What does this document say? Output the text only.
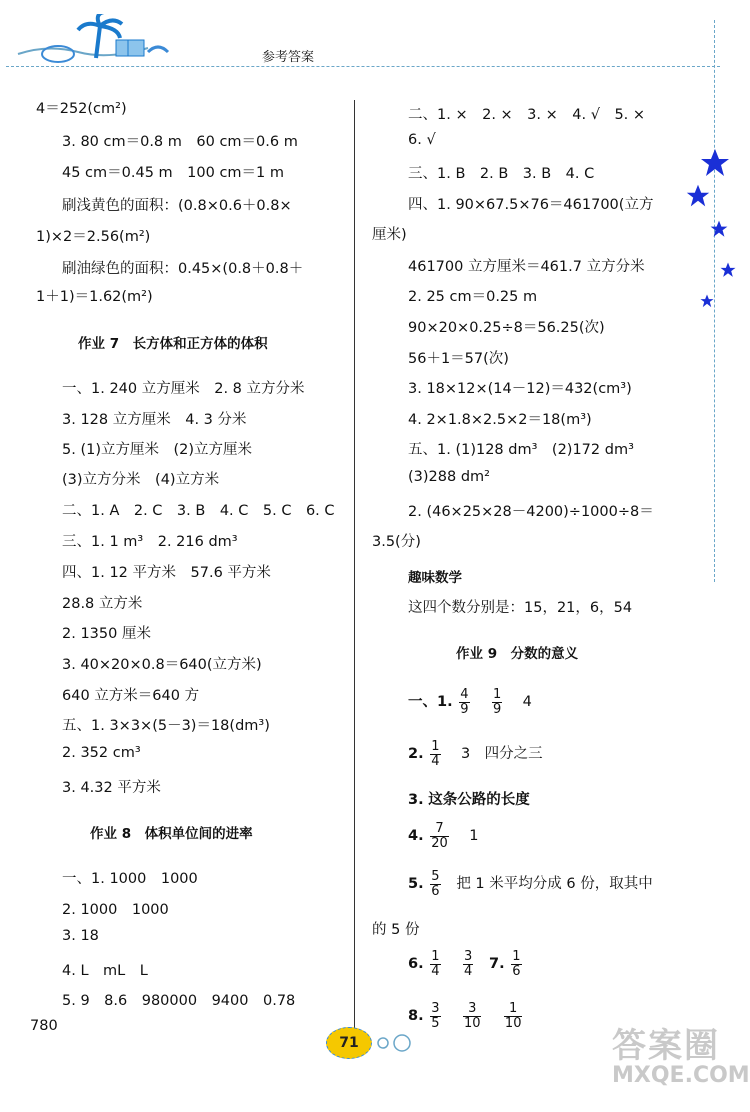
参考答案
4＝252(cm²)
3. 80 cm＝0.8 m　60 cm＝0.6 m
45 cm＝0.45 m　100 cm＝1 m
刷浅黄色的面积：(0.8×0.6＋0.8×
1)×2＝2.56(m²)
刷油绿色的面积：0.45×(0.8＋0.8＋
1＋1)＝1.62(m²)
作业 7　长方体和正方体的体积
一、1. 240 立方厘米　2. 8 立方分米
3. 128 立方厘米　4. 3 分米
5. (1)立方厘米　(2)立方厘米
(3)立方分米　(4)立方米
二、1. A　2. C　3. B　4. C　5. C　6. C
三、1. 1 m³　2. 216 dm³
四、1. 12 平方米　57.6 平方米
28.8 立方米
2. 1350 厘米
3. 40×20×0.8＝640(立方米)
640 立方米＝640 方
五、1. 3×3×(5－3)＝18(dm³)
2. 352 cm³
3. 4.32 平方米
作业 8　体积单位间的进率
一、1. 1000　1000
2. 1000　1000
3. 18
4. L　mL　L
5. 9　8.6　980000　9400　0.78
780
二、1. ×　2. ×　3. ×　4. √　5. ×
6. √
三、1. B　2. B　3. B　4. C
四、1. 90×67.5×76＝461700(立方
厘米)
461700 立方厘米＝461.7 立方分米
2. 25 cm＝0.25 m
90×20×0.25÷8＝56.25(次)
56＋1＝57(次)
3. 18×12×(14－12)＝432(cm³)
4. 2×1.8×2.5×2＝18(m³)
五、1. (1)128 dm³　(2)172 dm³
(3)288 dm²
2. (46×25×28－4200)÷1000÷8＝
3.5(分)
趣味数学
这四个数分别是：15，21，6，54
作业 9　分数的意义
一、1. $\frac{4}{9}$
$\frac{1}{9} 4$
2. $\frac{1}{4} 3$　四分之三
3. 这条公路的长度
4. $\frac{7}{20} 1$
5. $\frac{5}{6}$ 把 1 米平均分成 6 份，取其中
的 5 份
6. $\frac{1}{4}$
$\frac{3}{4} 7$. $\frac{1}{6}$
8. $\frac{3}{5}$
$\frac{3}{10}$
$\frac{1}{10}$
71	答案圈
MXQE.COM
